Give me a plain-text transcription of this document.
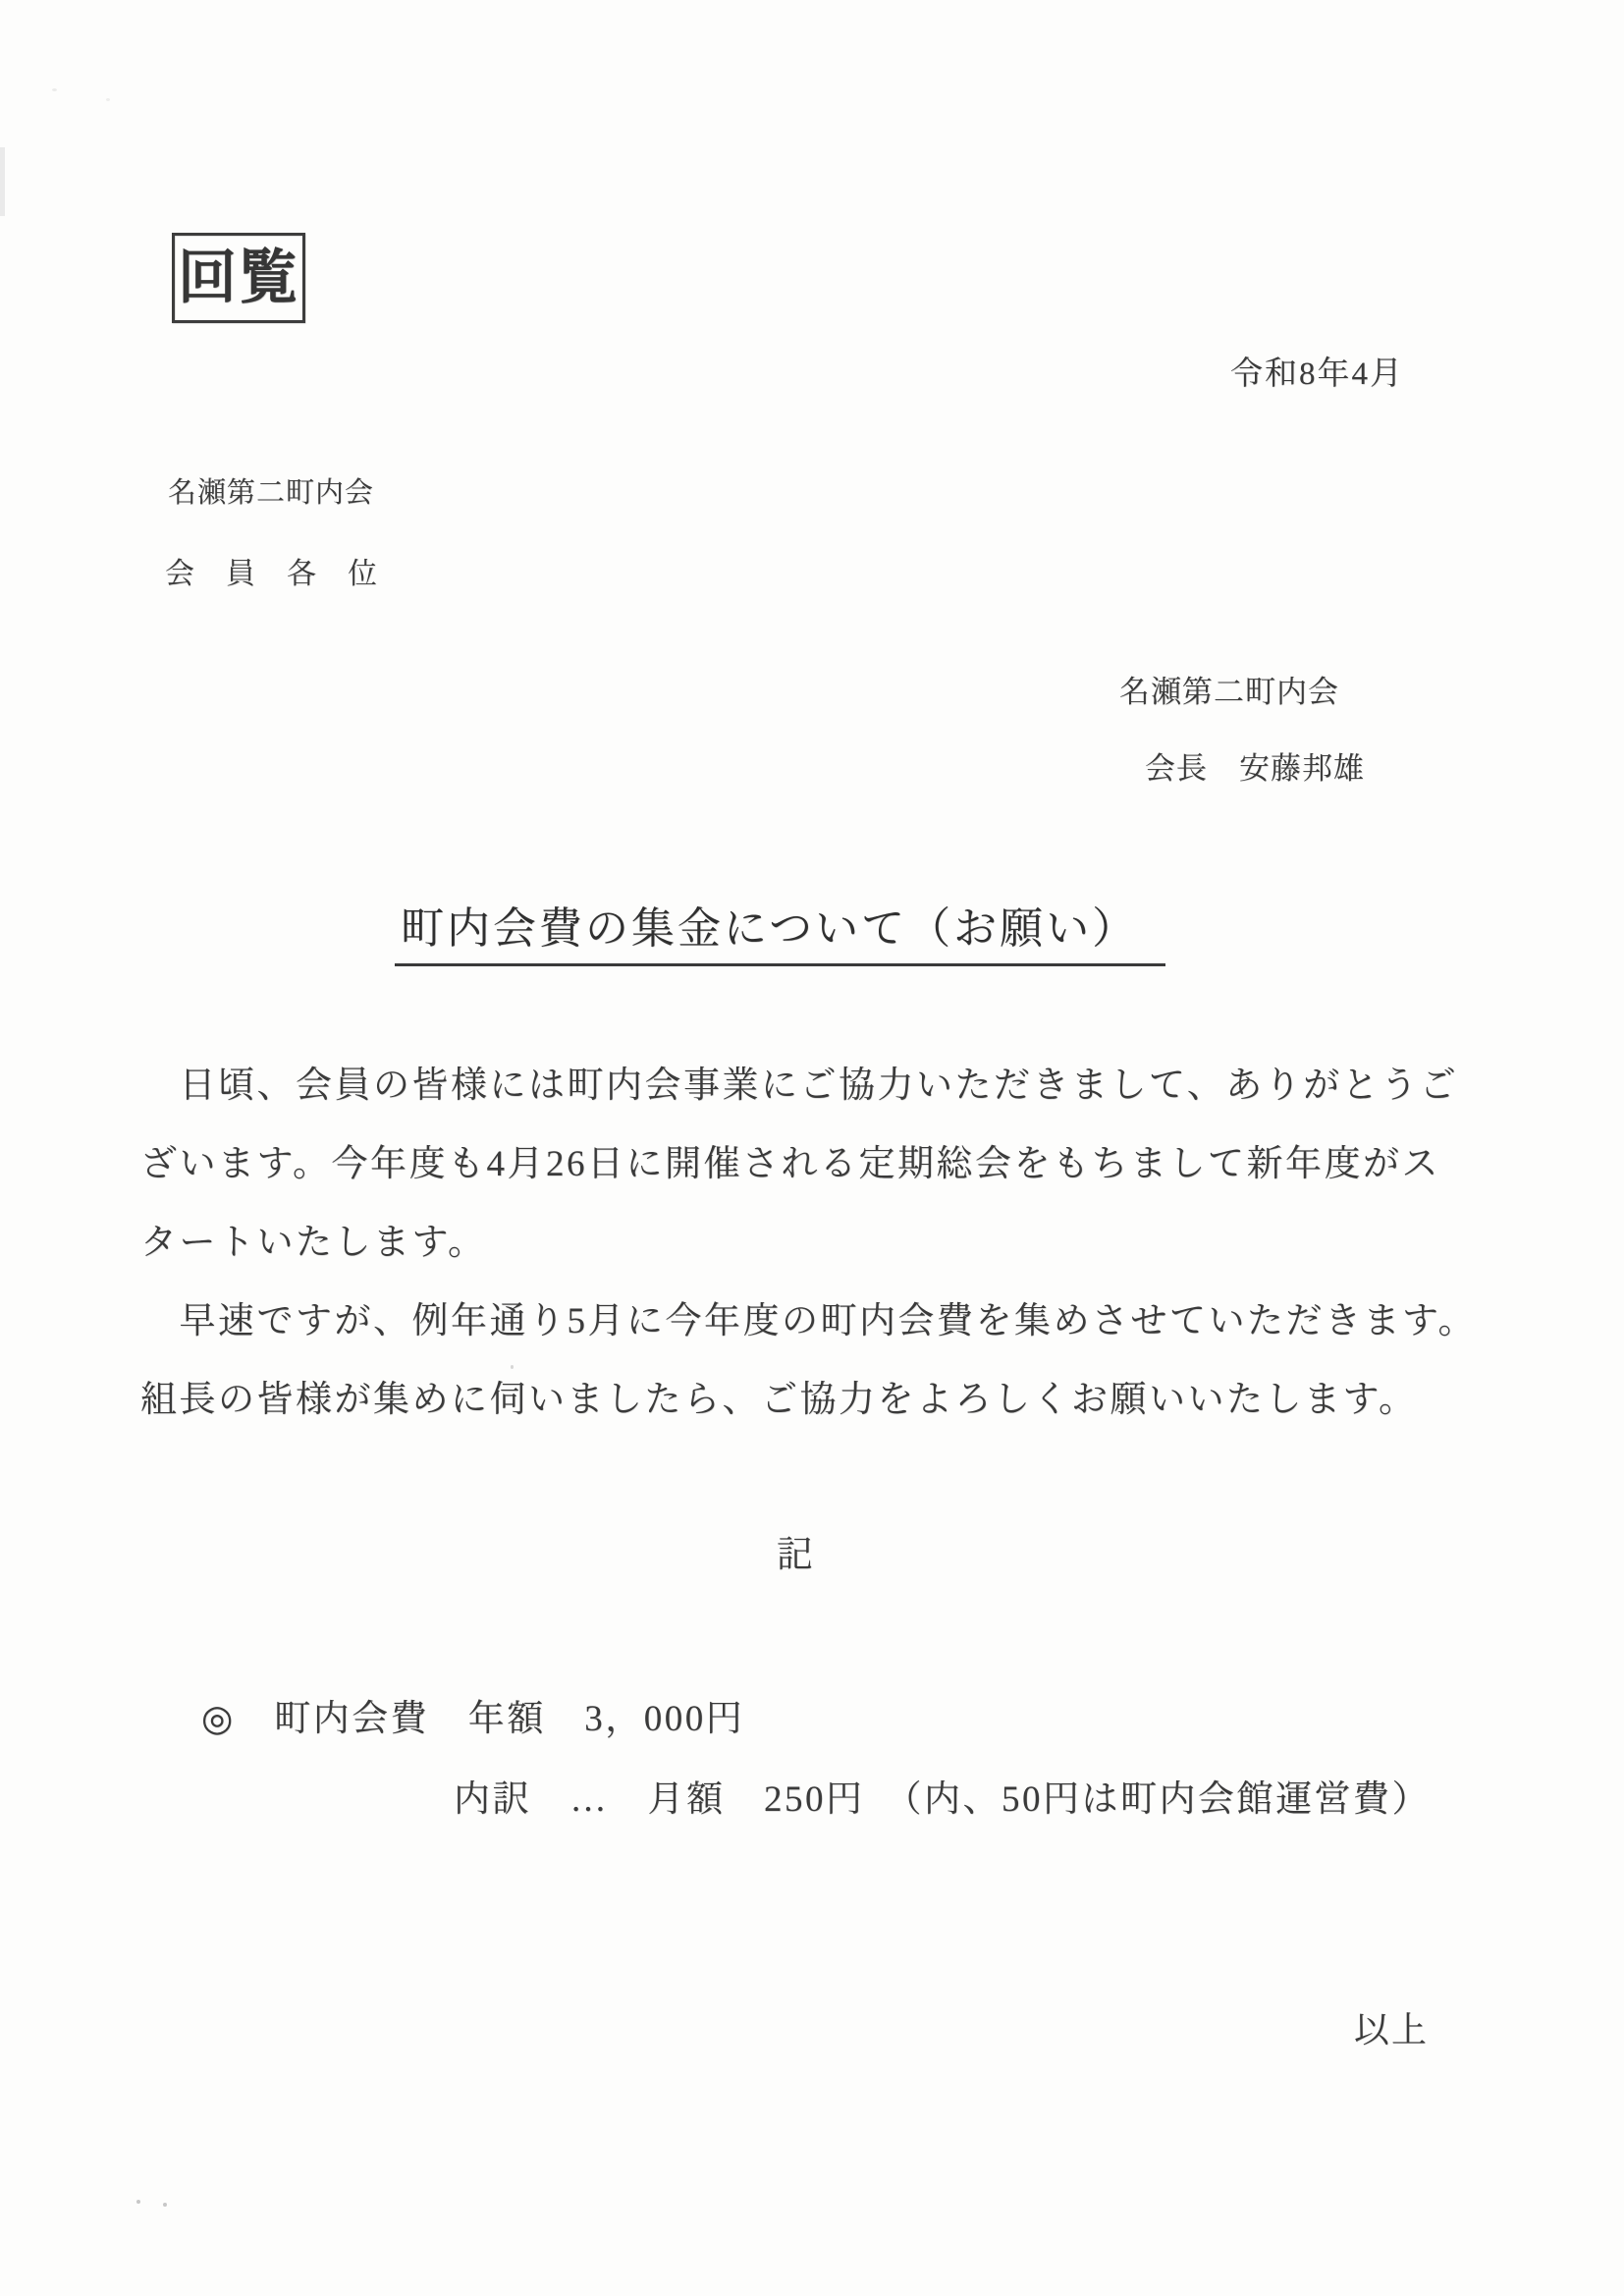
回覧
令和8年4月
名瀬第二町内会
会　員　各　位
名瀬第二町内会
会長　安藤邦雄
町内会費の集金について（お願い）
　日頃、会員の皆様には町内会事業にご協力いただきまして、ありがとうご
ざいます。今年度も4月26日に開催される定期総会をもちまして新年度がス
タートいたします。
　早速ですが、例年通り5月に今年度の町内会費を集めさせていただきます。
組長の皆様が集めに伺いましたら、ご協力をよろしくお願いいたします。
記
◎　町内会費　年額　3，000円
内訳　…　月額　250円　（内、50円は町内会館運営費）
以上
